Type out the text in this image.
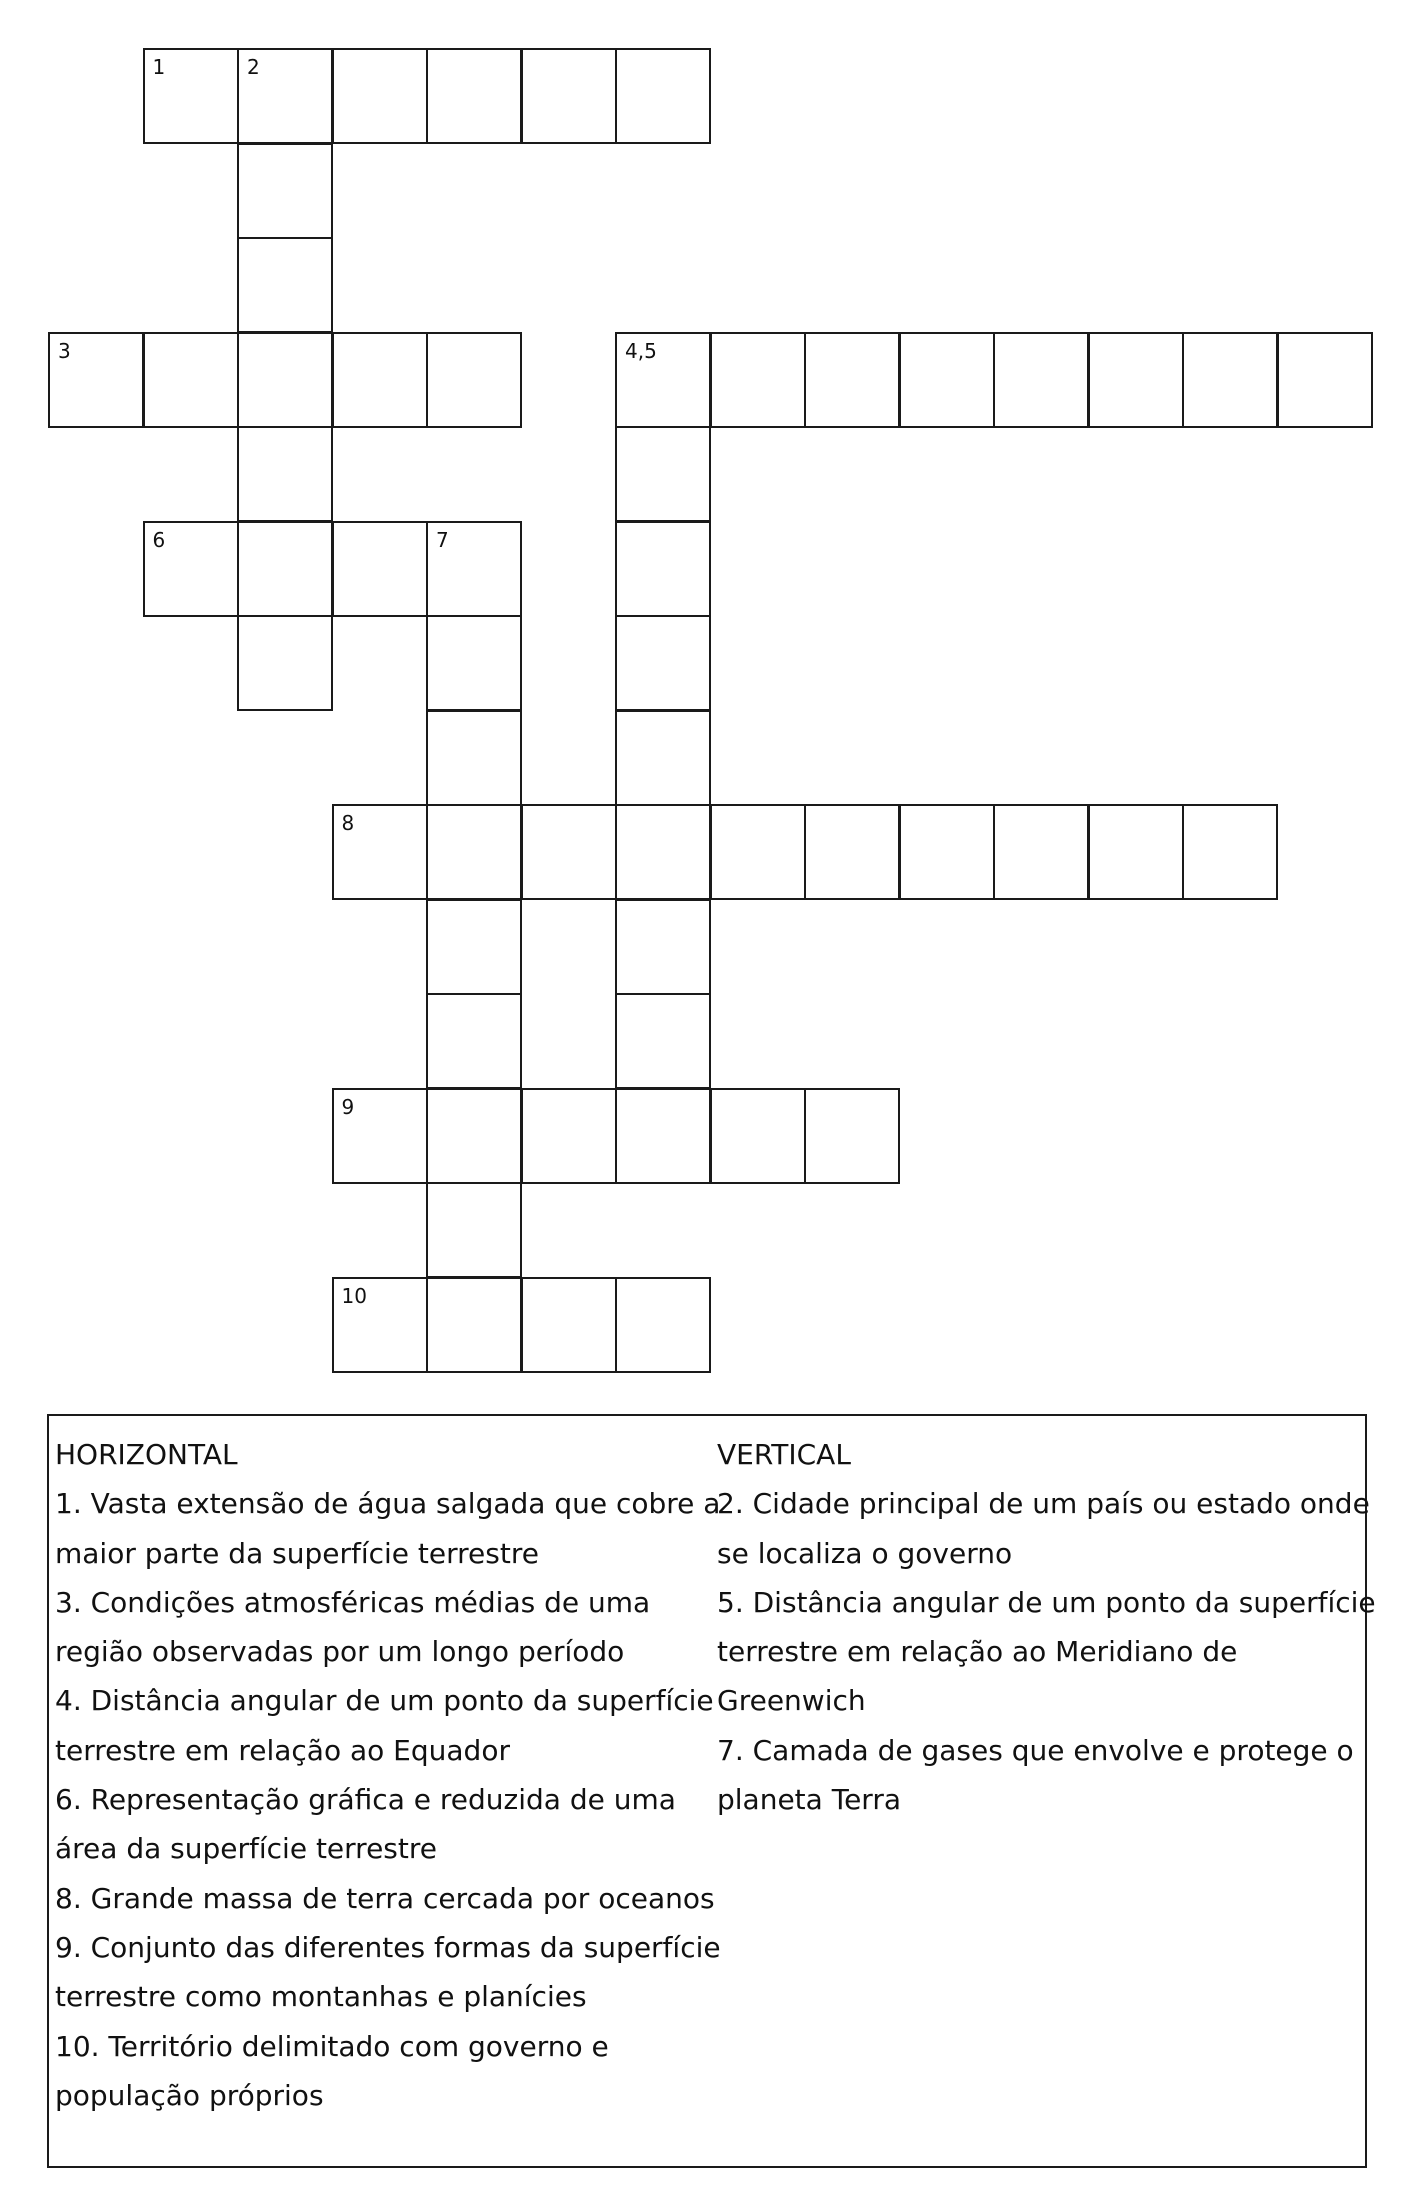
1	2
3	4,5
6	7
8
9
10
HORIZONTAL
1. Vasta extensão de água salgada que cobre a
maior parte da superfície terrestre
3. Condições atmosféricas médias de uma
região observadas por um longo período
4. Distância angular de um ponto da superfície
terrestre em relação ao Equador
6. Representação gráfica e reduzida de uma
área da superfície terrestre
8. Grande massa de terra cercada por oceanos
9. Conjunto das diferentes formas da superfície
terrestre como montanhas e planícies
10. Território delimitado com governo e
população próprios
VERTICAL
2. Cidade principal de um país ou estado onde
se localiza o governo
5. Distância angular de um ponto da superfície
terrestre em relação ao Meridiano de
Greenwich
7. Camada de gases que envolve e protege o
planeta Terra
